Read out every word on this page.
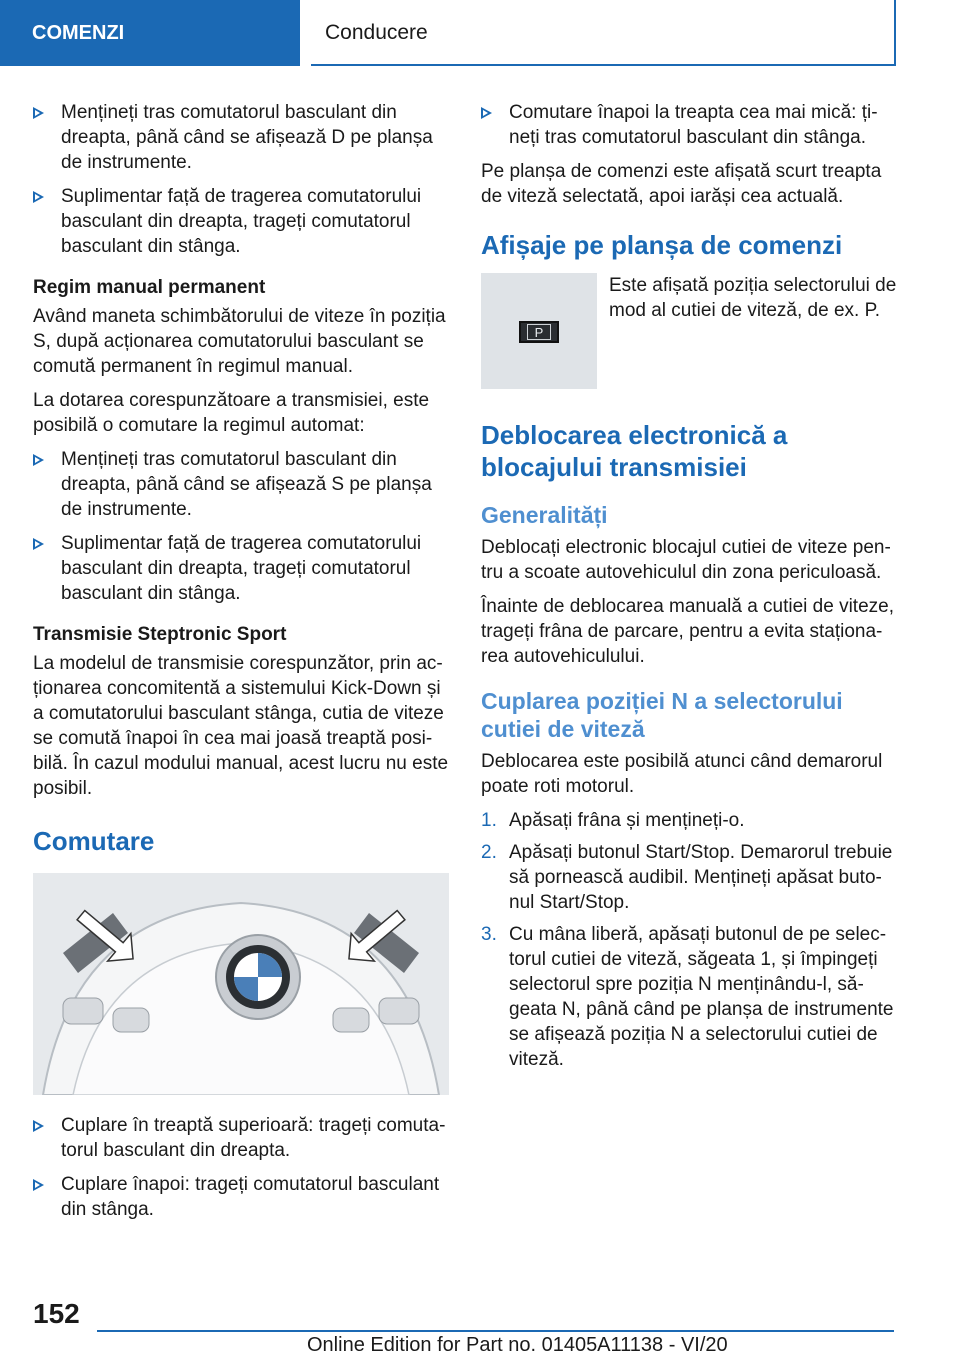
COMENZI	Conducere
Mențineți tras comutatorul basculant din dreapta, până când se afișează D pe planșa de instrumente.
Suplimentar față de tragerea comutatorului basculant din dreapta, trageți comutatorul basculant din stânga.
Regim manual permanent

Având maneta schimbătorului de viteze în poziția S, după acționarea comutatorului basculant se comută permanent în regimul manual.

La dotarea corespunzătoare a transmisiei, este posibilă o comutare la regimul automat:

Mențineți tras comutatorul basculant din dreapta, până când se afișează S pe planșa de instrumente.
Suplimentar față de tragerea comutatorului basculant din dreapta, trageți comutatorul basculant din stânga.
Transmisie Steptronic Sport

La modelul de transmisie corespunzător, prin ac-ționarea concomitentă a sistemului Kick-Down și a comutatorului basculant stânga, cutia de viteze se comută înapoi în cea mai joasă treaptă posi-bilă. În cazul modului manual, acest lucru nu este posibil.

Comutare
Cuplare în treaptă superioară: trageți comuta-torul basculant din dreapta.
Cuplare înapoi: trageți comutatorul basculant din stânga.
Comutare înapoi la treapta cea mai mică: ți-neți tras comutatorul basculant din stânga.

Pe planșa de comenzi este afișată scurt treapta de viteză selectată, apoi iarăși cea actuală.

Afișaje pe planșa de comenzi
P

Este afișată poziția selectorului de mod al cutiei de viteză, de ex. P.

Deblocarea electronică a blocajului transmisiei
Generalități

Deblocați electronic blocajul cutiei de viteze pen-tru a scoate autovehiculul din zona periculoasă.

Înainte de deblocarea manuală a cutiei de viteze, trageți frâna de parcare, pentru a evita staționa-rea autovehiculului.

Cuplarea poziției N a selectorului cutiei de viteză

Deblocarea este posibilă atunci când demarorul poate roti motorul.

1. Apăsați frâna și mențineți-o.
2. Apăsați butonul Start/Stop. Demarorul trebuie să pornească audibil. Mențineți apăsat buto-nul Start/Stop.
3. Cu mâna liberă, apăsați butonul de pe selec-torul cutiei de viteză, săgeata 1, și împingeți selectorul spre poziția N menținându-l, să-geata N, până când pe planșa de instrumente se afișează poziția N a selectorului cutiei de viteză.
152
Online Edition for Part no. 01405A11138 - VI/20
